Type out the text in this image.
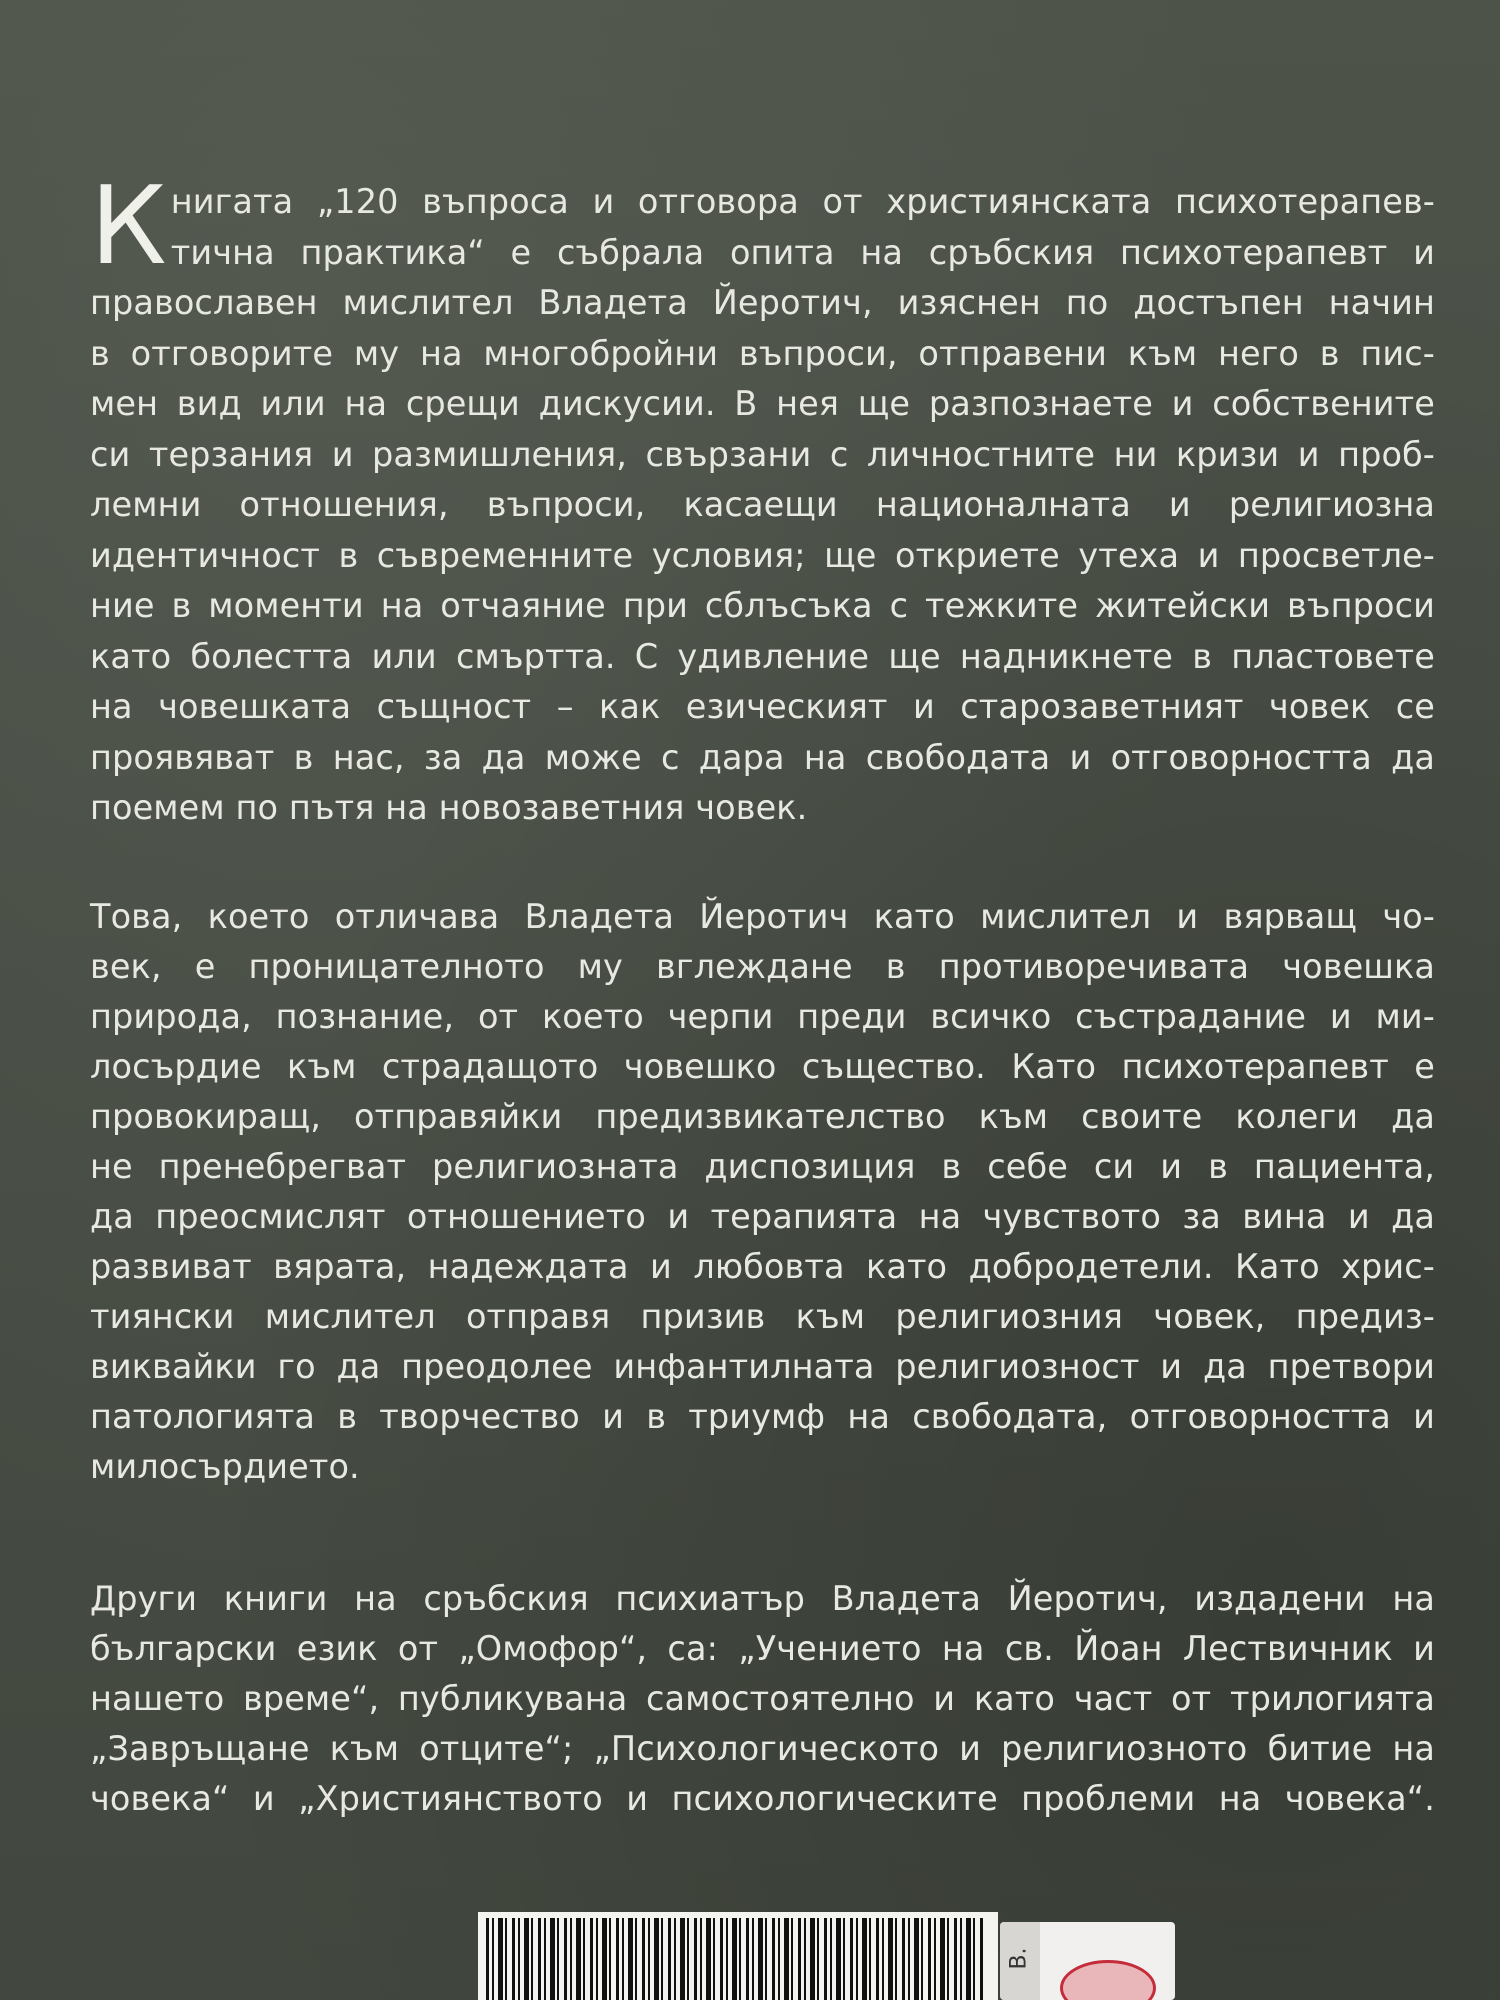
К нигата „120 въпроса и отговора от християнската психотерапев-
тична практика“ е събрала опита на сръбския психотерапевт и
православен мислител Владета Йеротич, изяснен по достъпен начин
в отговорите му на многобройни въпроси, отправени към него в пис-
мен вид или на срещи дискусии. В нея ще разпознаете и собствените
си терзания и размишления, свързани с личностните ни кризи и проб-
лемни отношения, въпроси, касаещи националната и религиозна
идентичност в съвременните условия; ще откриете утеха и просветле-
ние в моменти на отчаяние при сблъсъка с тежките житейски въпроси
като болестта или смъртта. С удивление ще надникнете в пластовете
на човешката същност – как езическият и старозаветният човек се
проявяват в нас, за да може с дара на свободата и отговорността да
поемем по пътя на новозаветния човек.
Това, което отличава Владета Йеротич като мислител и вярващ чо-
век, е проницателното му вглеждане в противоречивата човешка
природа, познание, от което черпи преди всичко състрадание и ми-
лосърдие към страдащото човешко същество. Като психотерапевт е
провокиращ, отправяйки предизвикателство към своите колеги да
не пренебрегват религиозната диспозиция в себе си и в пациента,
да преосмислят отношението и терапията на чувството за вина и да
развиват вярата, надеждата и любовта като добродетели. Като хрис-
тиянски мислител отправя призив към религиозния човек, предиз-
виквайки го да преодолее инфантилната религиозност и да претвори
патологията в творчество и в триумф на свободата, отговорността и
милосърдието.
Други книги на сръбския психиатър Владета Йеротич, издадени на
български език от „Омофор“, са: „Учението на св. Йоан Лествичник и
нашето време“, публикувана самостоятелно и като част от трилогията
„Завръщане към отците“; „Психологическото и религиозното битие на
човека“ и „Християнството и психологическите проблеми на човека“.
В.
